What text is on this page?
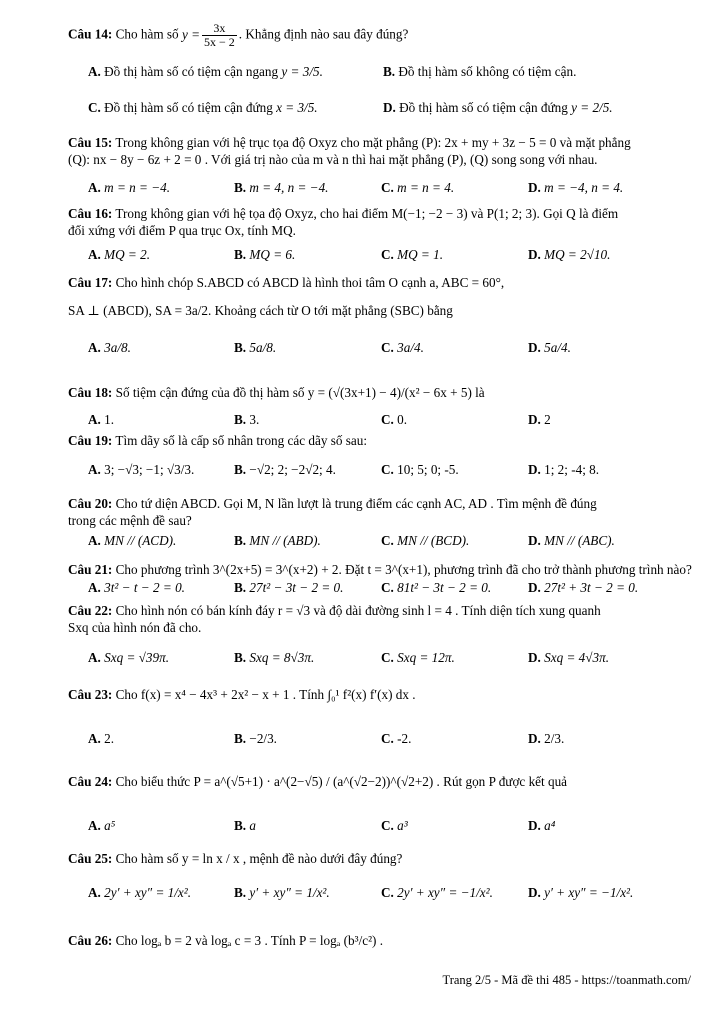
Câu 14: Cho hàm số $y = \frac{3x}{5x - 2}$ . Khẳng định nào sau đây đúng?
A. Đồ thị hàm số có tiệm cận ngang y = 3/5.	B. Đồ thị hàm số không có tiệm cận.
C. Đồ thị hàm số có tiệm cận đứng x = 3/5.	D. Đồ thị hàm số có tiệm cận đứng y = 2/5.
Câu 15: Trong không gian với hệ trục tọa độ Oxyz cho mặt phẳng (P): 2x + my + 3z − 5 = 0 và mặt phẳng
(Q): nx − 8y − 6z + 2 = 0 . Với giá trị nào của m và n thì hai mặt phẳng (P), (Q) song song với nhau.
A. m = n = −4.	B. m = 4, n = −4.	C. m = n = 4.	D. m = −4, n = 4.
Câu 16: Trong không gian với hệ tọa độ Oxyz, cho hai điểm M(−1; −2 − 3) và P(1; 2; 3). Gọi Q là điểm
đối xứng với điểm P qua trục Ox, tính MQ.
A. MQ = 2.	B. MQ = 6.	C. MQ = 1.	D. MQ = 2√10.
Câu 17: Cho hình chóp S.ABCD có ABCD là hình thoi tâm O cạnh a, ABC = 60°,
SA ⊥ (ABCD), SA = 3a/2. Khoảng cách từ O tới mặt phẳng (SBC) bằng
A. 3a/8.	B. 5a/8.	C. 3a/4.	D. 5a/4.
Câu 18: Số tiệm cận đứng của đồ thị hàm số y = (√(3x+1) − 4)/(x² − 6x + 5) là
A. 1.	B. 3.	C. 0.	D. 2
Câu 19: Tìm dãy số là cấp số nhân trong các dãy số sau:
A. 3; −√3; −1; √3/3.	B. −√2; 2; −2√2; 4.	C. 10; 5; 0; -5.	D. 1; 2; -4; 8.
Câu 20: Cho tứ diện ABCD. Gọi M, N lần lượt là trung điểm các cạnh AC, AD . Tìm mệnh đề đúng
trong các mệnh đề sau?
A. MN // (ACD).	B. MN // (ABD).	C. MN // (BCD).	D. MN // (ABC).
Câu 21: Cho phương trình 3^(2x+5) = 3^(x+2) + 2. Đặt t = 3^(x+1), phương trình đã cho trở thành phương trình nào?
A. 3t² − t − 2 = 0.	B. 27t² − 3t − 2 = 0.	C. 81t² − 3t − 2 = 0.	D. 27t² + 3t − 2 = 0.
Câu 22: Cho hình nón có bán kính đáy r = √3 và độ dài đường sinh l = 4 . Tính diện tích xung quanh
Sxq của hình nón đã cho.
A. Sxq = √39π.	B. Sxq = 8√3π.	C. Sxq = 12π.	D. Sxq = 4√3π.
Câu 23: Cho f(x) = x⁴ − 4x³ + 2x² − x + 1 . Tính ∫₀¹ f²(x) f′(x) dx .
A. 2.	B. −2/3.	C. -2.	D. 2/3.
Câu 24: Cho biểu thức P = a^(√5+1) · a^(2−√5) / (a^(√2−2))^(√2+2) . Rút gọn P được kết quả
A. a⁵	B. a	C. a³	D. a⁴
Câu 25: Cho hàm số y = ln x / x , mệnh đề nào dưới đây đúng?
A. 2y′ + xy″ = 1/x².	B. y′ + xy″ = 1/x².	C. 2y′ + xy″ = −1/x².	D. y′ + xy″ = −1/x².
Câu 26: Cho logₐ b = 2 và logₐ c = 3 . Tính P = logₐ (b³/c²) .
Trang 2/5 - Mã đề thi 485 - https://toanmath.com/
